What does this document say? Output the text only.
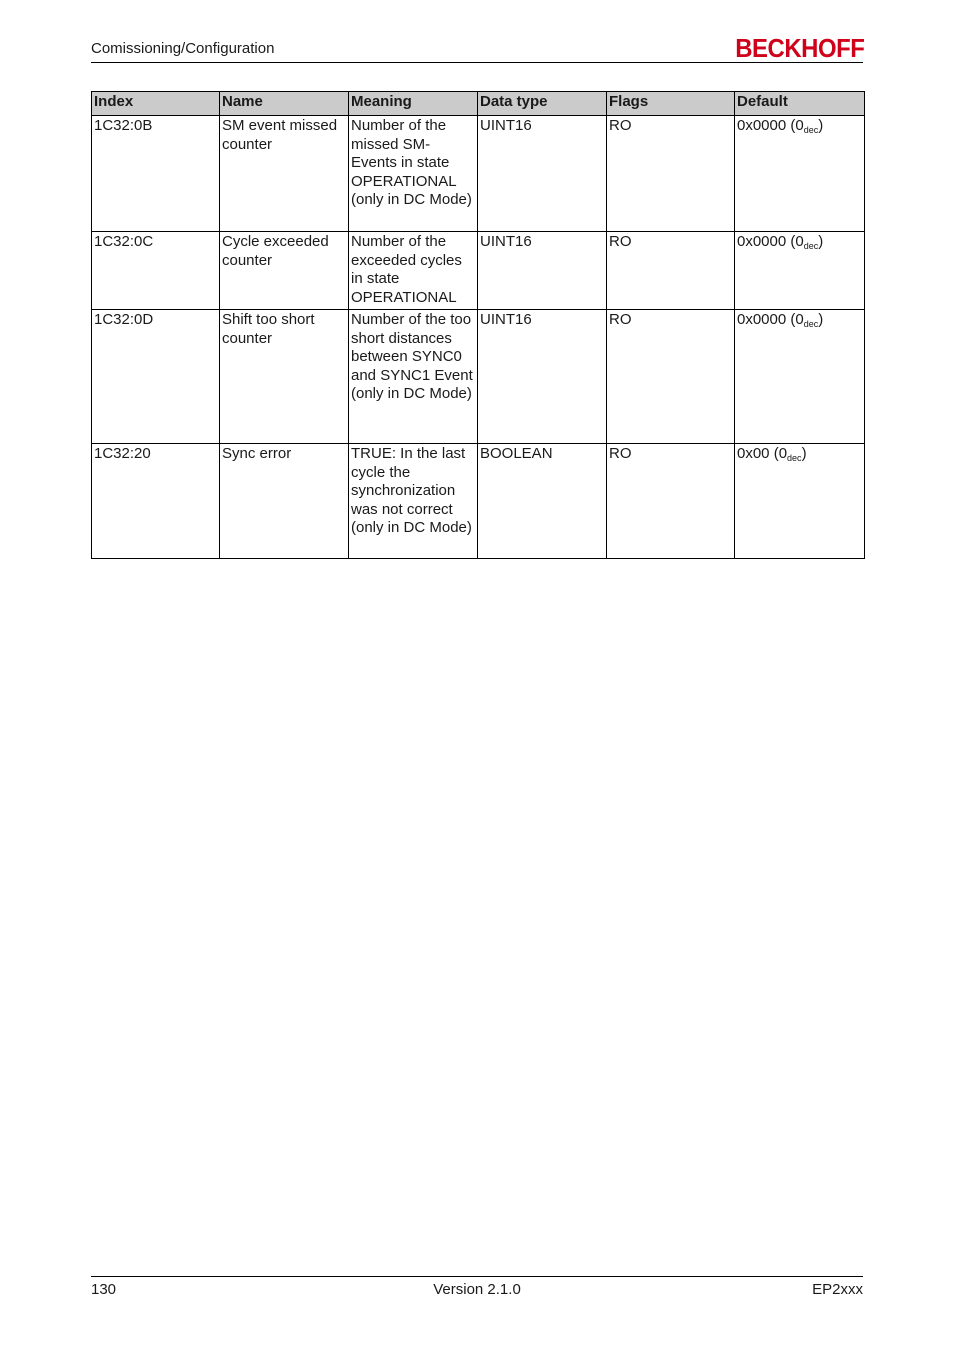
Comissioning/Configuration	BECKHOFF
Index	Name	Meaning	Data type	Flags	Default
1C32:0B	SM event missed counter	Number of the missed SM-Events in state OPERATIONAL (only in DC Mode)	UINT16	RO	0x0000 $(0_{dec})$
1C32:0C	Cycle exceeded counter	Number of the exceeded cycles in state OPERATIONAL	UINT16	RO	0x0000 $(0_{dec})$
1C32:0D	Shift too short counter	Number of the too short distances between SYNC0 and SYNC1 Event (only in DC Mode)	UINT16	RO	0x0000 $(0_{dec})$
1C32:20	Sync error	TRUE: In the last cycle the synchronization was not correct (only in DC Mode)	BOOLEAN	RO	0x00 $(0_{dec})$
130	Version 2.1.0	EP2xxx
